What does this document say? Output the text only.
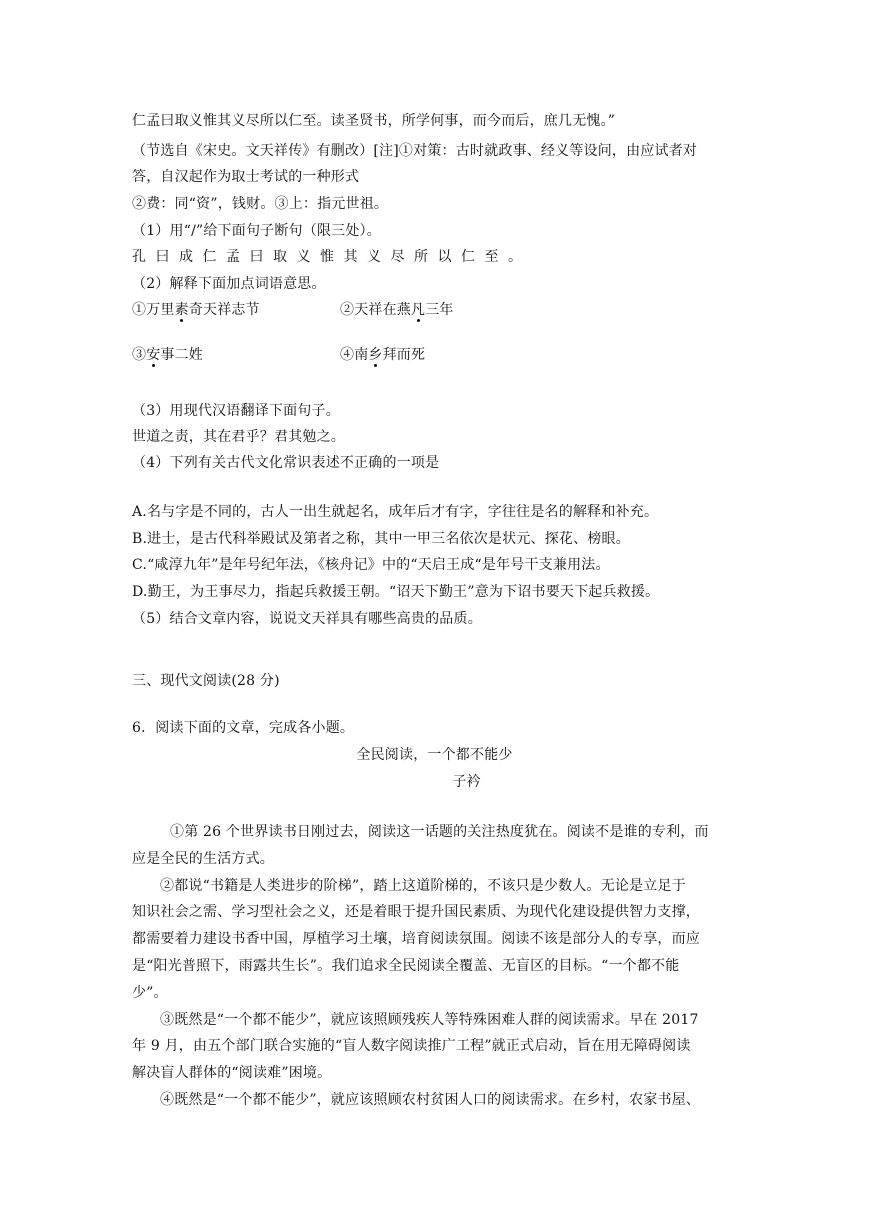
仁孟曰取义惟其义尽所以仁至。读圣贤书，所学何事，而今而后，庶几无愧。”
（节选自《宋史。文天祥传》有删改）[注]①对策：古时就政事、经义等设问，由应试者对
答，自汉起作为取士考试的一种形式
②费：同“资”，钱财。③上：指元世祖。
（1）用“/”给下面句子断句（限三处）。
孔曰成仁孟曰取义惟其义尽所以仁至。
（2）解释下面加点词语意思。
①万里素奇天祥志节	②天祥在燕凡三年
③安事二姓	④南乡拜而死
（3）用现代汉语翻译下面句子。
世道之责，其在君乎？君其勉之。
（4）下列有关古代文化常识表述不正确的一项是
A.名与字是不同的，古人一出生就起名，成年后才有字，字往往是名的解释和补充。
B.进士，是古代科举殿试及第者之称，其中一甲三名依次是状元、探花、榜眼。
C.“咸淳九年”是年号纪年法，《核舟记》中的“天启王成“是年号干支兼用法。
D.勤王，为王事尽力，指起兵救援王朝。“诏天下勤王”意为下诏书要天下起兵救援。
（5）结合文章内容，说说文天祥具有哪些高贵的品质。
三、现代文阅读(28 分)
6．阅读下面的文章，完成各小题。
全民阅读，一个都不能少
子衿
①第 26 个世界读书日刚过去，阅读这一话题的关注热度犹在。阅读不是谁的专利，而
应是全民的生活方式。
②都说“书籍是人类进步的阶梯”，踏上这道阶梯的，不该只是少数人。无论是立足于
知识社会之需、学习型社会之义，还是着眼于提升国民素质、为现代化建设提供智力支撑，
都需要着力建设书香中国，厚植学习土壤，培育阅读氛围。阅读不该是部分人的专享，而应
是“阳光普照下，雨露共生长”。我们追求全民阅读全覆盖、无盲区的目标。“一个都不能
少”。
③既然是“一个都不能少”，就应该照顾残疾人等特殊困难人群的阅读需求。早在 2017
年 9 月，由五个部门联合实施的“盲人数字阅读推广工程”就正式启动，旨在用无障碍阅读
解决盲人群体的“阅读难”困境。
④既然是“一个都不能少”，就应该照顾农村贫困人口的阅读需求。在乡村，农家书屋、
